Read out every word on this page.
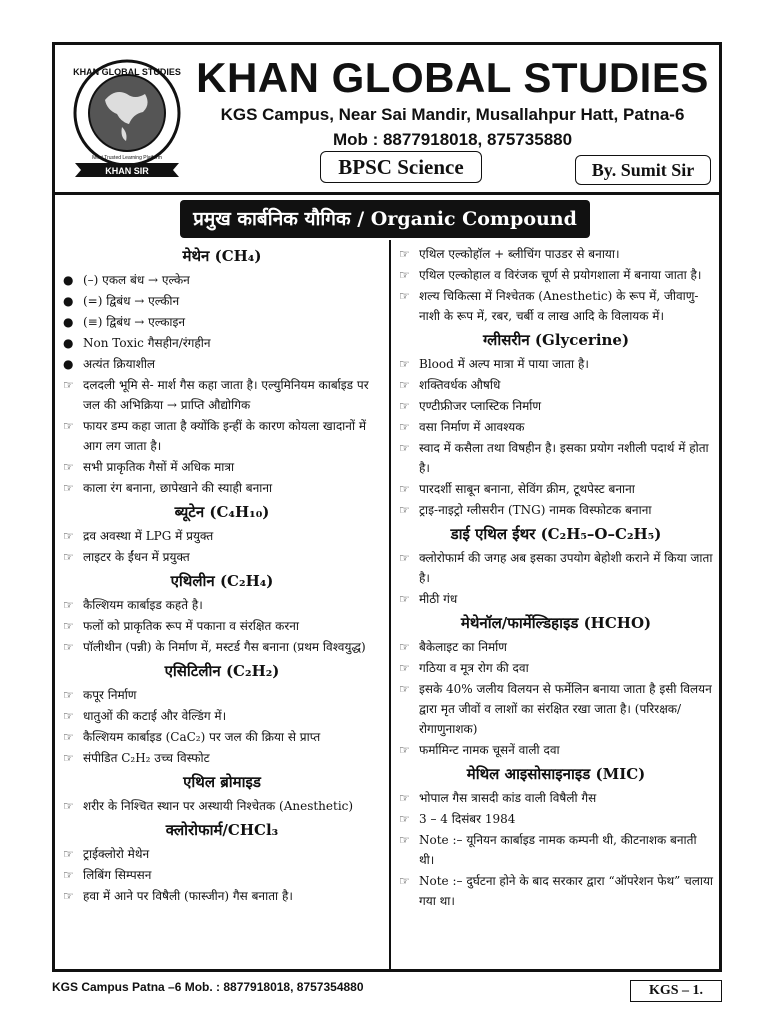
KHAN GLOBAL STUDIES
Most Trusted Learning Platform
KHAN SIR
KHAN GLOBAL STUDIES
KGS Campus, Near Sai Mandir, Musallahpur Hatt, Patna-6
Mob : 8877918018, 875735880
BPSC Science	By. Sumit Sir
प्रमुख कार्बनिक यौगिक / Organic Compound
मेथेन (CH₄)
● (–) एकल बंध → एल्केन
● (=) द्विबंध → एल्कीन
● (≡) द्विबंध → एल्काइन
● Non Toxic गैसहीन/रंगहीन
● अत्यंत क्रियाशील
☞ दलदली भूमि से- मार्श गैस कहा जाता है। एल्युमिनियम कार्बाइड पर जल की अभिक्रिया → प्राप्ति औद्योगिक
☞ फायर डम्प कहा जाता है क्योंकि इन्हीं के कारण कोयला खादानों में आग लग जाता है।
☞ सभी प्राकृतिक गैसों में अधिक मात्रा
☞ काला रंग बनाना, छापेखाने की स्याही बनाना
ब्यूटेन (C₄H₁₀)
☞ द्रव अवस्था में LPG में प्रयुक्त
☞ लाइटर के ईंधन में प्रयुक्त
एथिलीन (C₂H₄)
☞ कैल्शियम कार्बाइड कहते है।
☞ फलों को प्राकृतिक रूप में पकाना व संरक्षित करना
☞ पॉलीथीन (पन्नी) के निर्माण में, मस्टर्ड गैस बनाना (प्रथम विश्वयुद्ध)
एसिटिलीन (C₂H₂)
☞ कपूर निर्माण
☞ धातुओं की कटाई और वेल्डिंग में।
☞ कैल्शियम कार्बाइड (CaC₂) पर जल की क्रिया से प्राप्त
☞ संपीडित C₂H₂ उच्च विस्फोट
एथिल ब्रोमाइड
☞ शरीर के निश्चित स्थान पर अस्थायी निश्चेतक (Anesthetic)
क्लोरोफार्म/CHCl₃
☞ ट्राईक्लोरो मेथेन
☞ लिबिंग सिम्पसन
☞ हवा में आने पर विषैली (फास्जीन) गैस बनाता है।
☞ एथिल एल्कोहॉल + ब्लीचिंग पाउडर से बनाया।
☞ एथिल एल्कोहाल व विरंजक चूर्ण से प्रयोगशाला में बनाया जाता है।
☞ शल्य चिकित्सा में निश्चेतक (Anesthetic) के रूप में, जीवाणु-नाशी के रूप में, रबर, चर्बी व लाख आदि के विलायक में।
ग्लीसरीन (Glycerine)
☞ Blood में अल्प मात्रा में पाया जाता है।
☞ शक्तिवर्धक औषधि
☞ एण्टीफ्रीजर प्लास्टिक निर्माण
☞ वसा निर्माण में आवश्यक
☞ स्वाद में कसैला तथा विषहीन है। इसका प्रयोग नशीली पदार्थ में होता है।
☞ पारदर्शी साबून बनाना, सेविंग क्रीम, टूथपेस्ट बनाना
☞ ट्राइ-नाइट्रो ग्लीसरीन (TNG) नामक विस्फोटक बनाना
डाई एथिल ईथर (C₂H₅–O–C₂H₅)
☞ क्लोरोफार्म की जगह अब इसका उपयोग बेहोशी कराने में किया जाता है।
☞ मीठी गंध
मेथेनॉल/फार्मेल्डिहाइड (HCHO)
☞ बैकेलाइट का निर्माण
☞ गठिया व मूत्र रोग की दवा
☞ इसके 40% जलीय विलयन से फर्मेलिन बनाया जाता है इसी विलयन द्वारा मृत जीवों व लाशों का संरक्षित रखा जाता है। (परिरक्षक/रोगाणुनाशक)
☞ फर्मामिन्ट नामक चूसनें वाली दवा
मेथिल आइसोसाइनाइड (MIC)
☞ भोपाल गैस त्रासदी कांड वाली विषैली गैस
☞ 3 – 4 दिसंबर 1984
☞ Note :– यूनियन कार्बाइड नामक कम्पनी थी, कीटनाशक बनाती थी।
☞ Note :– दुर्घटना होने के बाद सरकार द्वारा “ऑपरेशन फेथ” चलाया गया था।
KGS Campus Patna –6 Mob. : 8877918018, 8757354880	KGS – 1.
